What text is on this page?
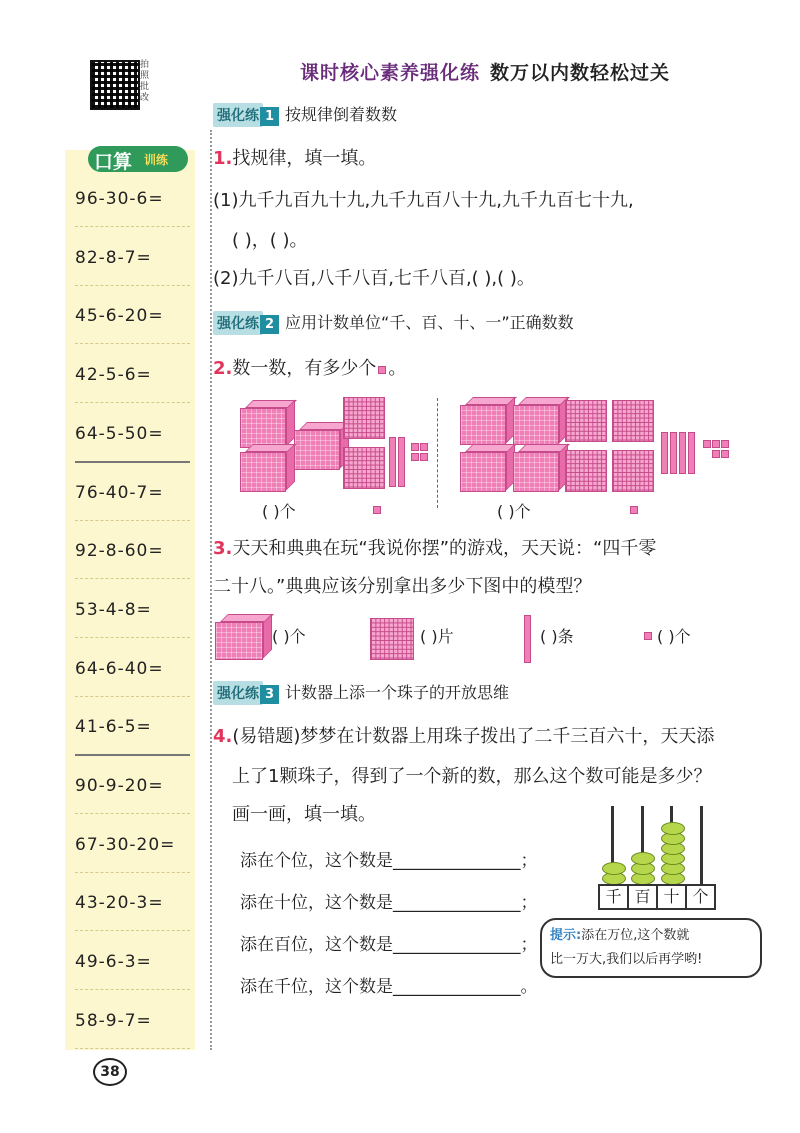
拍照批改
课时核心素养强化练 数万以内数轻松过关
口算 训练
96-30-6=
82-8-7=
45-6-20=
42-5-6=
64-5-50=
76-40-7=
92-8-60=
53-4-8=
64-6-40=
41-6-5=
90-9-20=
67-30-20=
43-20-3=
49-6-3=
58-9-7=
38
强化练 1 按规律倒着数数
1.找规律，填一填。
(1)九千九百九十九,九千九百八十九,九千九百七十九,
( )，( )。
(2)九千八百,八千八百,七千八百,( ),( )。
强化练 2 应用计数单位“千、百、十、一”正确数数
2.数一数，有多少个 。
( )个	( )个
3.天天和典典在玩“我说你摆”的游戏，天天说：“四千零
二十八。”典典应该分别拿出多少下图中的模型？
( )个	( )片	( )条	( )个
强化练 3 计数器上添一个珠子的开放思维
4.(易错题)梦梦在计数器上用珠子拨出了二千三百六十，天天添
上了1颗珠子，得到了一个新的数，那么这个数可能是多少？
画一画，填一填。
添在个位，这个数是_______________；
添在十位，这个数是_______________；
添在百位，这个数是_______________；
添在千位，这个数是_______________。
千 百 十 个
提示:添在万位,这个数就
比一万大,我们以后再学哟!
